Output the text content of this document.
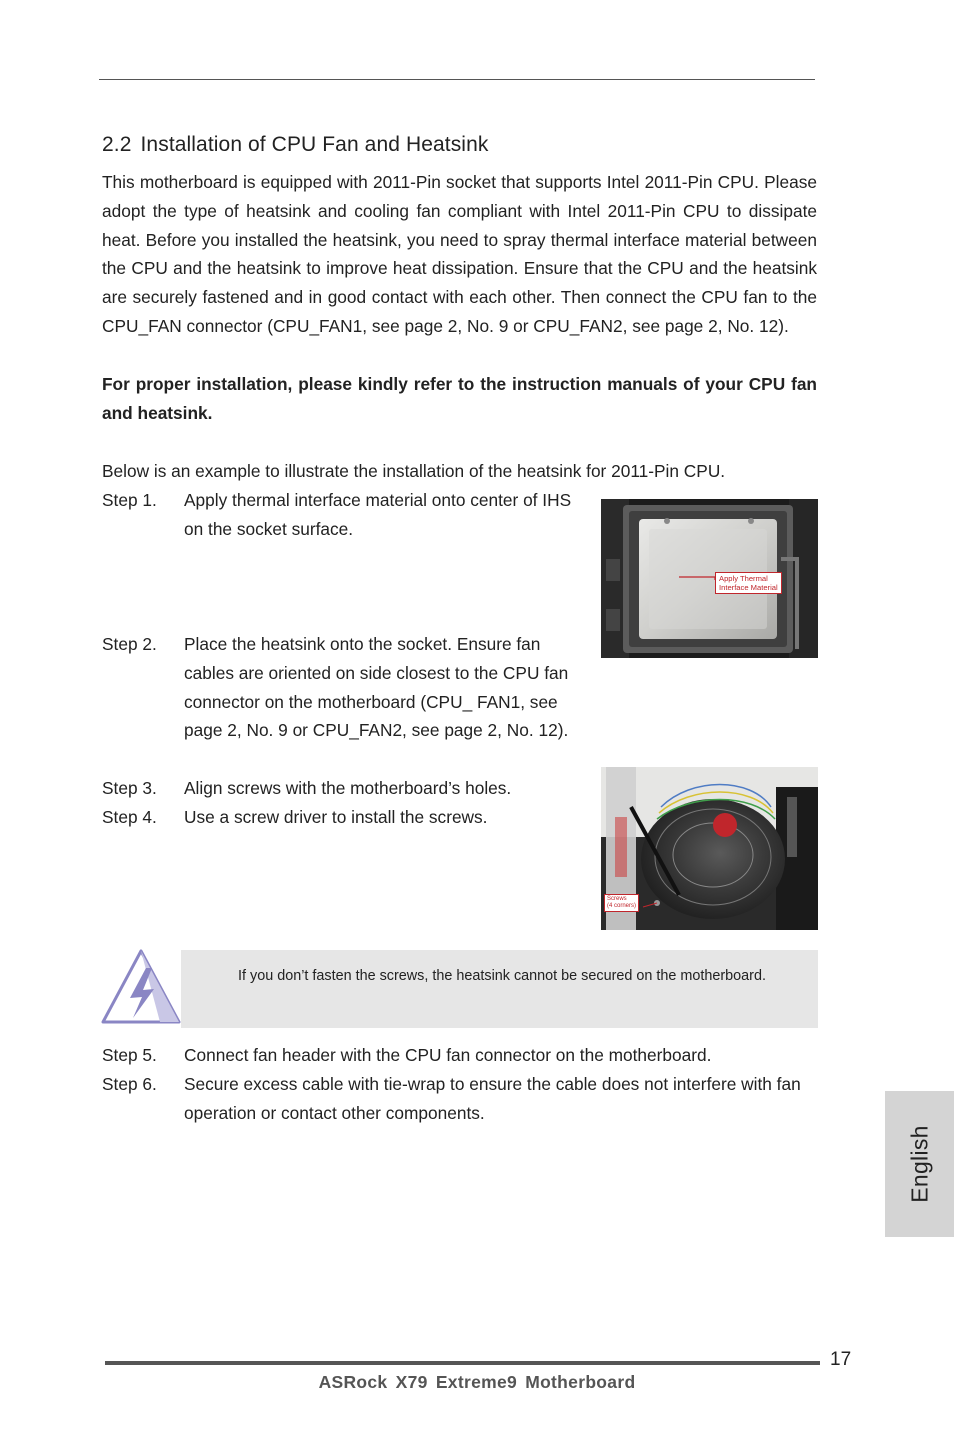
2.2 Installation of CPU Fan and Heatsink

This motherboard is equipped with 2011-Pin socket that supports Intel 2011-Pin CPU. Please adopt the type of heatsink and cooling fan compliant with Intel 2011-Pin CPU to dissipate heat. Before you installed the heatsink, you need to spray thermal interface material between the CPU and the heatsink to improve heat dissipation. Ensure that the CPU and the heatsink are securely fastened and in good contact with each other. Then connect the CPU fan to the CPU_FAN connector (CPU_FAN1, see page 2, No. 9 or CPU_FAN2, see page 2, No. 12).

For proper installation, please kindly refer to the instruction manuals of your CPU fan and heatsink.

Below is an example to illustrate the installation of the heatsink for 2011-Pin CPU.

Step 1. Apply thermal interface material onto center of IHS on the socket surface.
Step 2. Place the heatsink onto the socket. Ensure fan cables are oriented on side closest to the CPU fan connector on the motherboard (CPU_ FAN1, see page 2, No. 9 or CPU_FAN2, see page 2, No. 12).
Step 3. Align screws with the motherboard’s holes.
Step 4. Use a screw driver to install the screws.
Apply Thermal
Interface Material
Screws
(4 corners)
If you don’t fasten the screws, the heatsink cannot be secured on the motherboard.
Step 5. Connect fan header with the CPU fan connector on the motherboard.
Step 6. Secure excess cable with tie-wrap to ensure the cable does not interfere with fan operation or contact other components.
English
17
ASRock X79 Extreme9 Motherboard
